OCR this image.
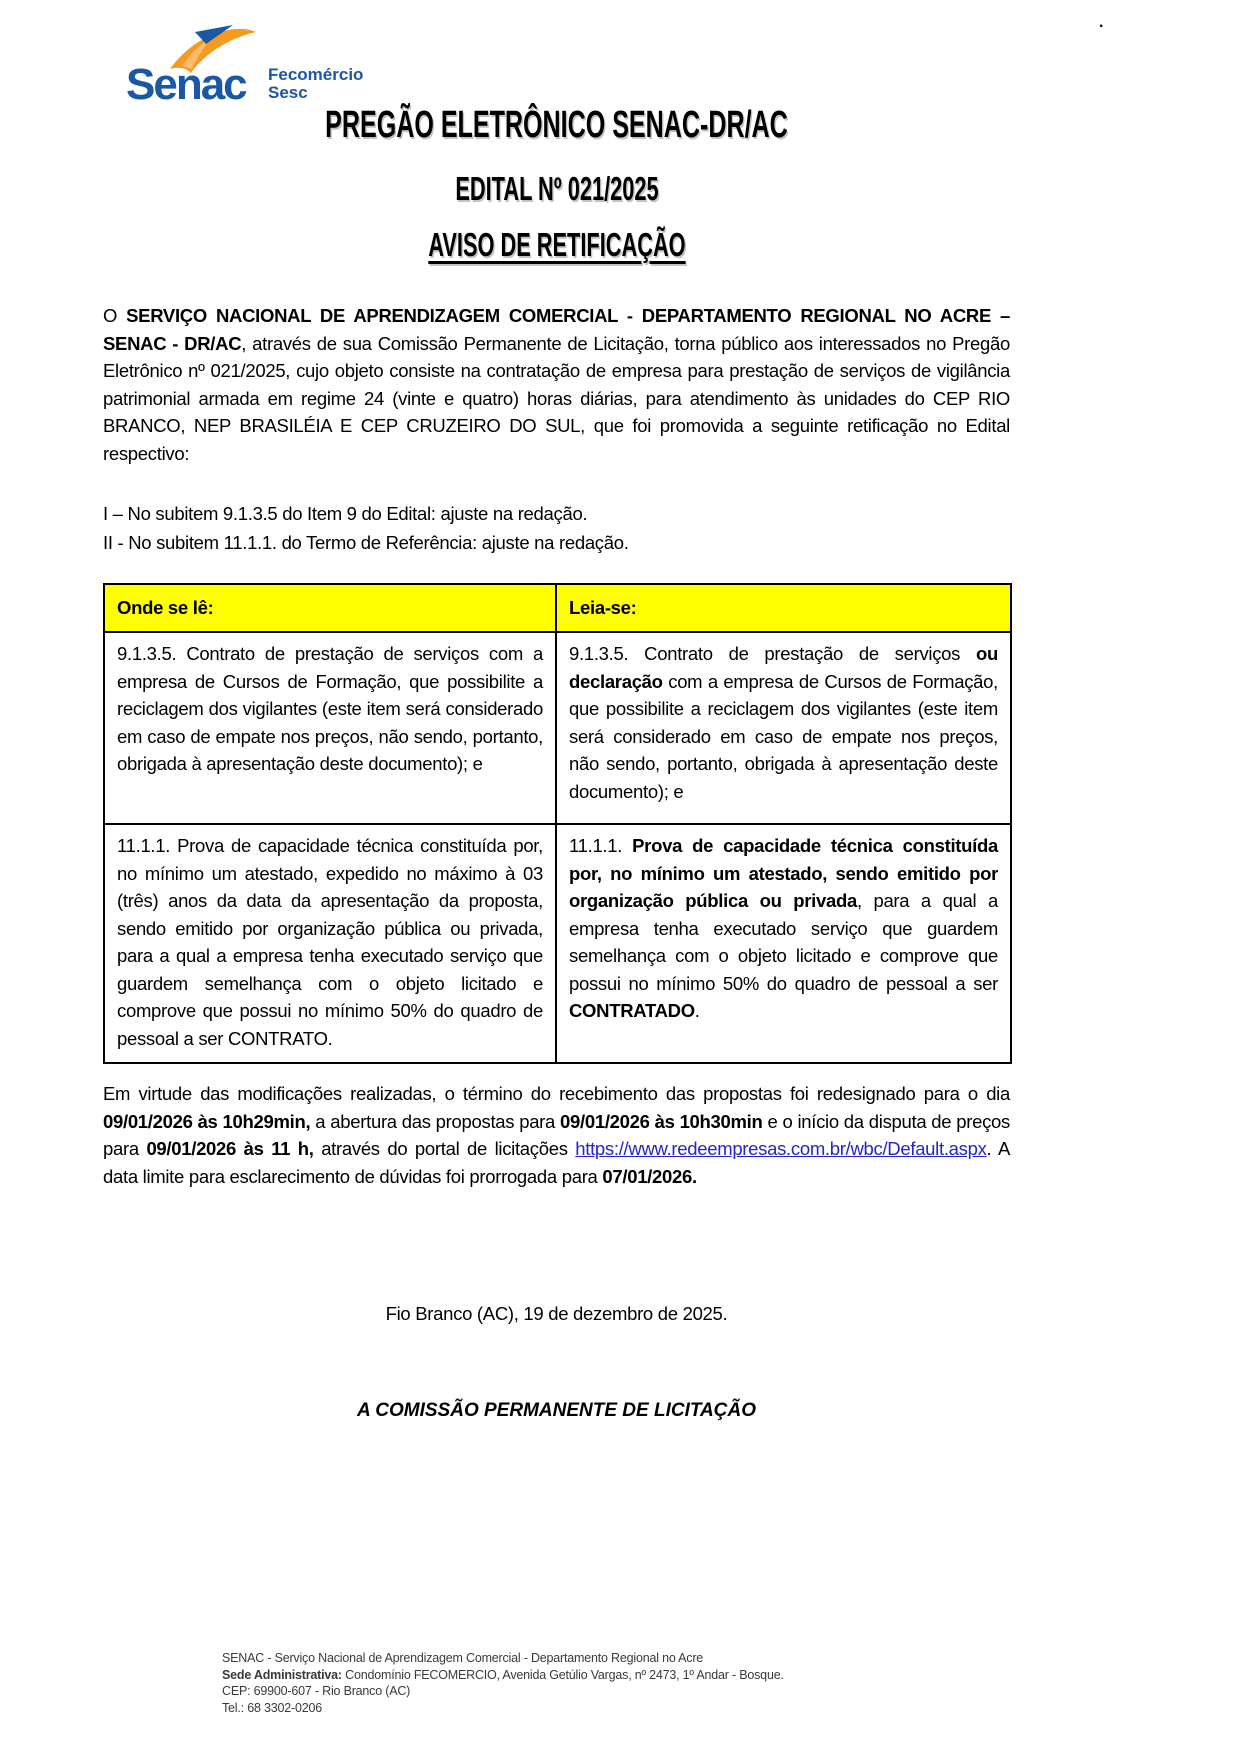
.
Senac Fecomércio
Sesc
PREGÃO ELETRÔNICO SENAC-DR/AC
EDITAL Nº 021/2025
AVISO DE RETIFICAÇÃO
O SERVIÇO NACIONAL DE APRENDIZAGEM COMERCIAL - DEPARTAMENTO REGIONAL NO ACRE – SENAC - DR/AC, através de sua Comissão Permanente de Licitação, torna público aos interessados no Pregão Eletrônico nº 021/2025, cujo objeto consiste na contratação de empresa para prestação de serviços de vigilância patrimonial armada em regime 24 (vinte e quatro) horas diárias, para atendimento às unidades do CEP RIO BRANCO, NEP BRASILÉIA E CEP CRUZEIRO DO SUL, que foi promovida a seguinte retificação no Edital respectivo:
I – No subitem 9.1.3.5 do Item 9 do Edital: ajuste na redação.
II - No subitem 11.1.1. do Termo de Referência: ajuste na redação.
Onde se lê:	Leia-se:
9.1.3.5. Contrato de prestação de serviços com a empresa de Cursos de Formação, que possibilite a reciclagem dos vigilantes (este item será considerado em caso de empate nos preços, não sendo, portanto, obrigada à apresentação deste documento); e	9.1.3.5. Contrato de prestação de serviços ou declaração com a empresa de Cursos de Formação, que possibilite a reciclagem dos vigilantes (este item será considerado em caso de empate nos preços, não sendo, portanto, obrigada à apresentação deste documento); e
11.1.1. Prova de capacidade técnica constituída por, no mínimo um atestado, expedido no máximo à 03 (três) anos da data da apresentação da proposta, sendo emitido por organização pública ou privada, para a qual a empresa tenha executado serviço que guardem semelhança com o objeto licitado e comprove que possui no mínimo 50% do quadro de pessoal a ser CONTRATO.	11.1.1. Prova de capacidade técnica constituída por, no mínimo um atestado, sendo emitido por organização pública ou privada, para a qual a empresa tenha executado serviço que guardem semelhança com o objeto licitado e comprove que possui no mínimo 50% do quadro de pessoal a ser CONTRATADO.
Em virtude das modificações realizadas, o término do recebimento das propostas foi redesignado para o dia 09/01/2026 às 10h29min, a abertura das propostas para 09/01/2026 às 10h30min e o início da disputa de preços para 09/01/2026 às 11 h, através do portal de licitações https://www.redeempresas.com.br/wbc/Default.aspx. A data limite para esclarecimento de dúvidas foi prorrogada para 07/01/2026.
Fio Branco (AC), 19 de dezembro de 2025.
A COMISSÃO PERMANENTE DE LICITAÇÃO
SENAC - Serviço Nacional de Aprendizagem Comercial - Departamento Regional no Acre
Sede Administrativa: Condomínio FECOMERCIO, Avenida Getúlio Vargas, nº 2473, 1º Andar - Bosque.
CEP: 69900-607 - Rio Branco (AC)
Tel.: 68 3302-0206
